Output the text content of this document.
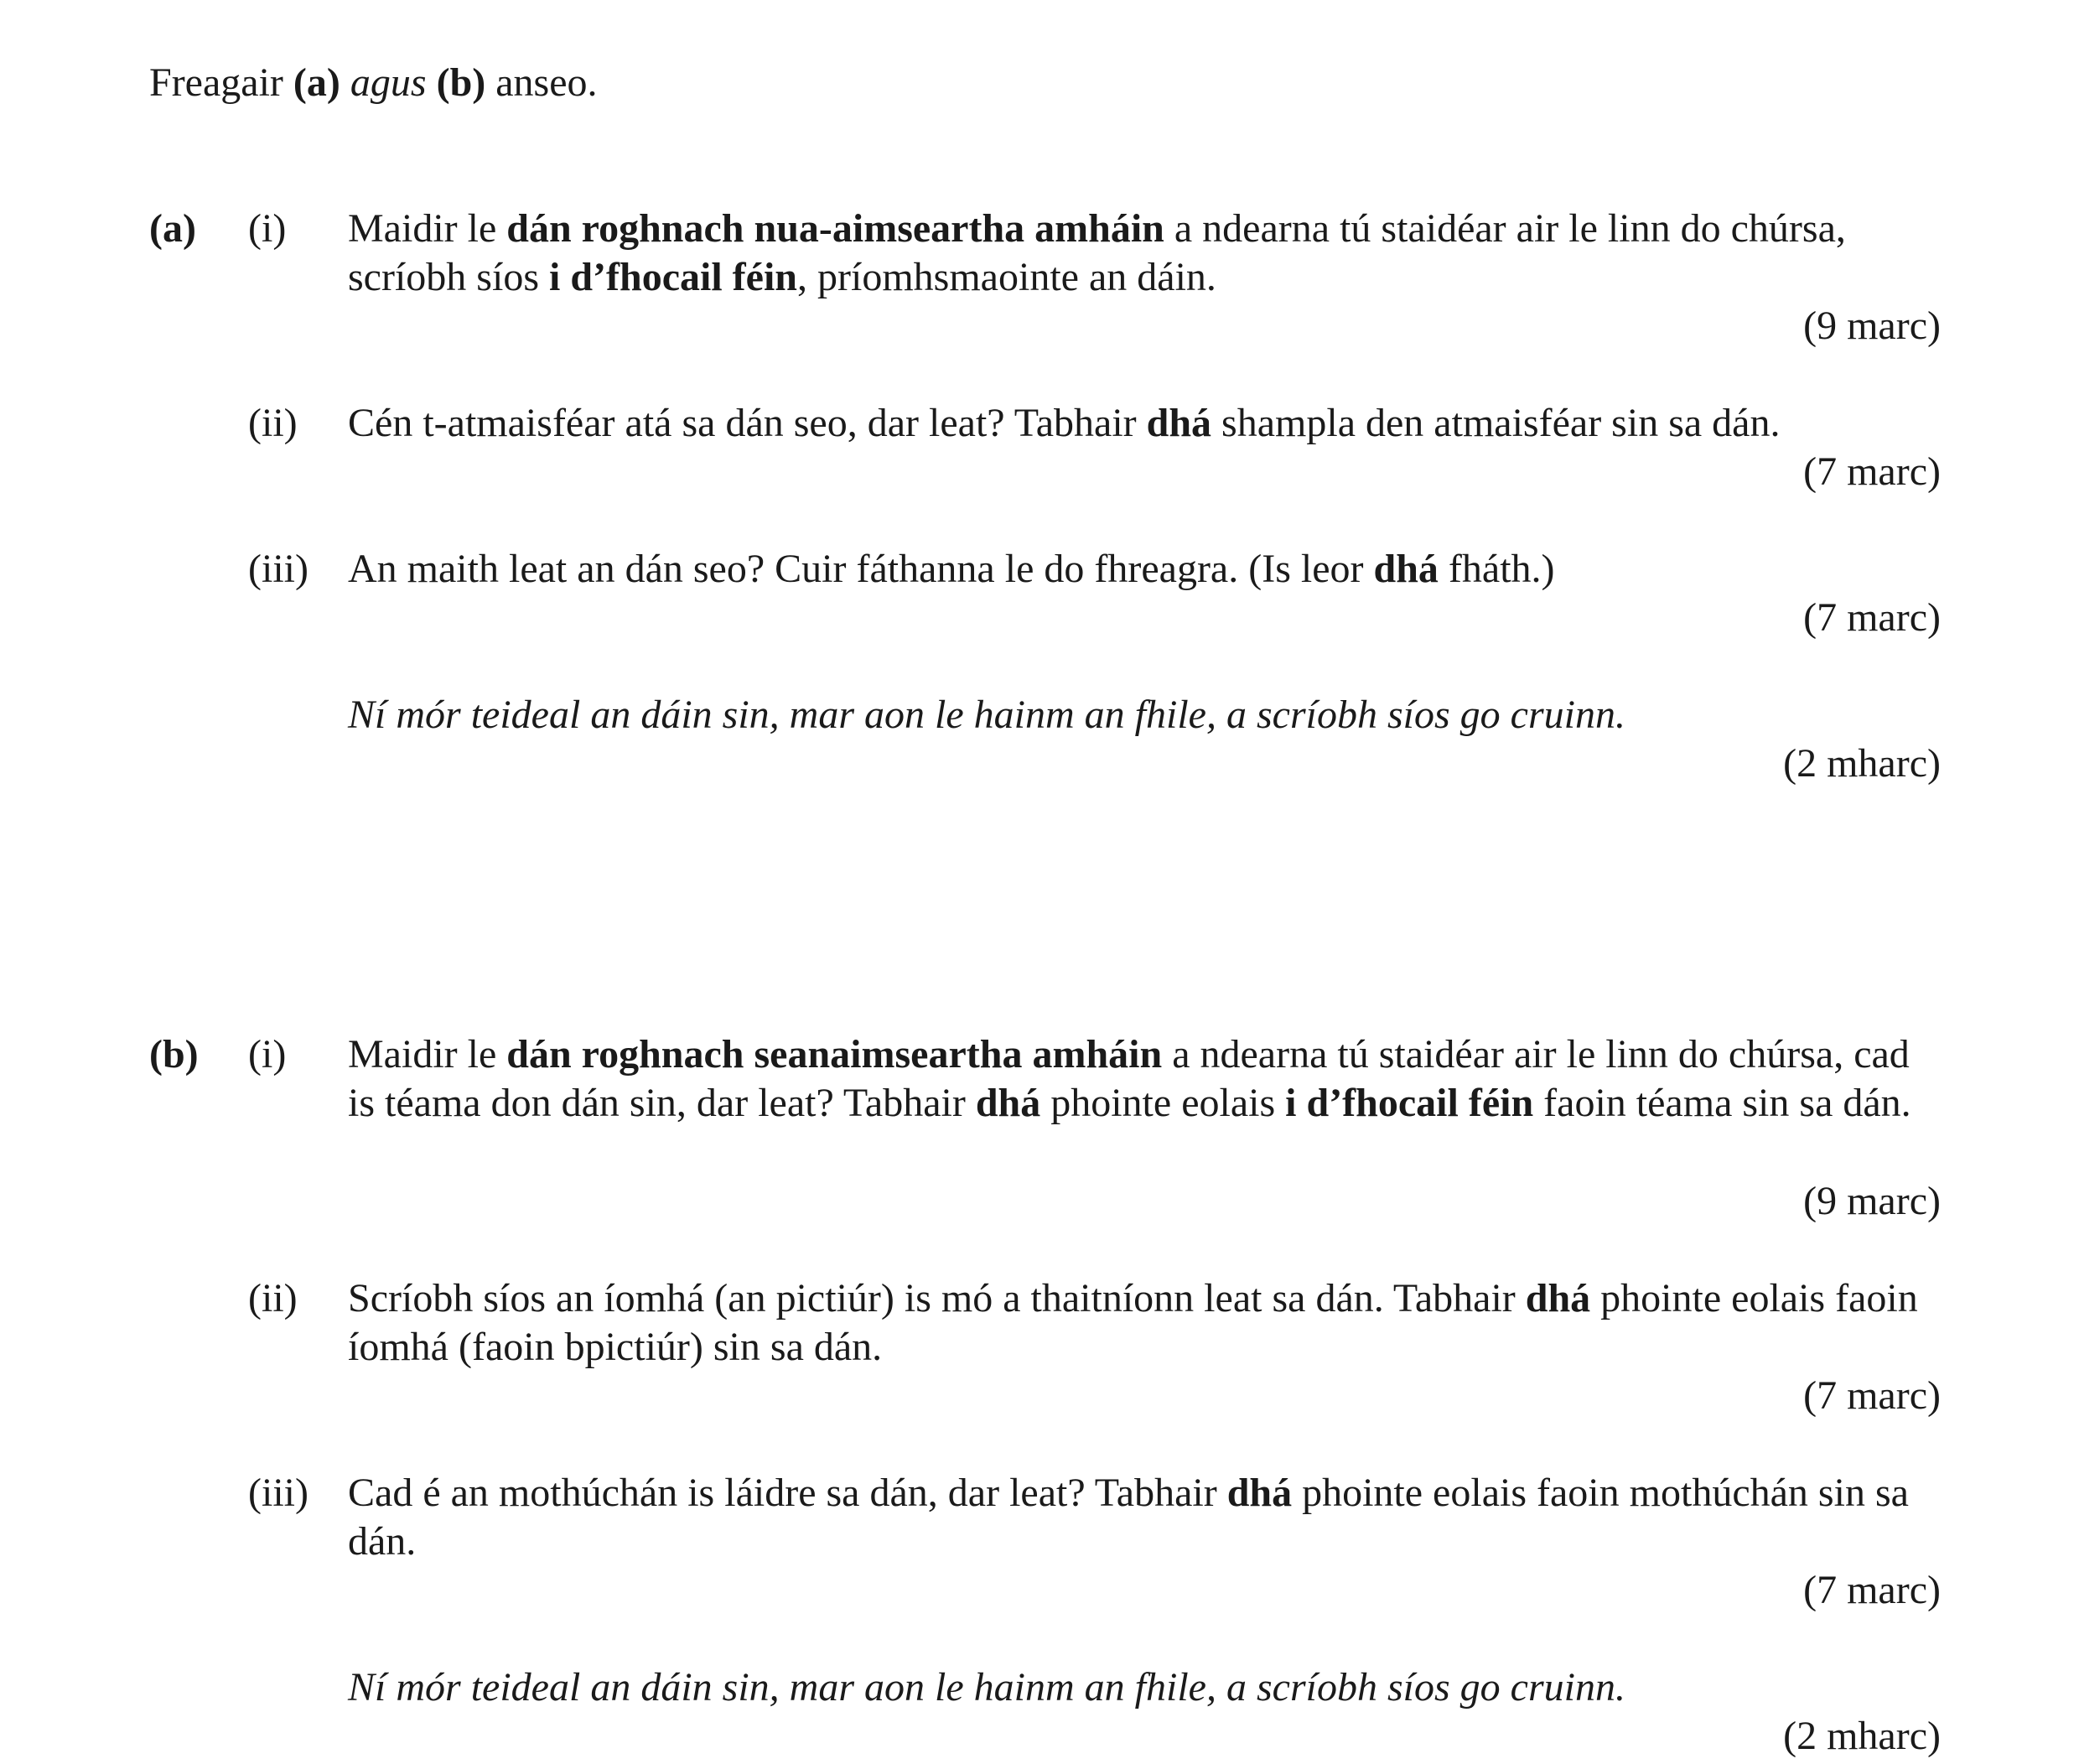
Freagair (a) agus (b) anseo.
(a) (i) Maidir le dán roghnach nua-aimseartha amháin a ndearna tú staidéar air le linn do chúrsa, scríobh síos i d’fhocail féin, príomhsmaointe an dáin.
(9 marc)
(ii) Cén t-atmaisféar atá sa dán seo, dar leat? Tabhair dhá shampla den atmaisféar sin sa dán.
(7 marc)
(iii) An maith leat an dán seo? Cuir fáthanna le do fhreagra. (Is leor dhá fháth.)
(7 marc)
Ní mór teideal an dáin sin, mar aon le hainm an fhile, a scríobh síos go cruinn.
(2 mharc)
(b) (i) Maidir le dán roghnach seanaimseartha amháin a ndearna tú staidéar air le linn do chúrsa, cad is téama don dán sin, dar leat? Tabhair dhá phointe eolais i d’fhocail féin faoin téama sin sa dán.
(9 marc)
(ii) Scríobh síos an íomhá (an pictiúr) is mó a thaitníonn leat sa dán. Tabhair dhá phointe eolais faoin íomhá (faoin bpictiúr) sin sa dán.
(7 marc)
(iii) Cad é an mothúchán is láidre sa dán, dar leat? Tabhair dhá phointe eolais faoin mothúchán sin sa dán.
(7 marc)
Ní mór teideal an dáin sin, mar aon le hainm an fhile, a scríobh síos go cruinn.
(2 mharc)
